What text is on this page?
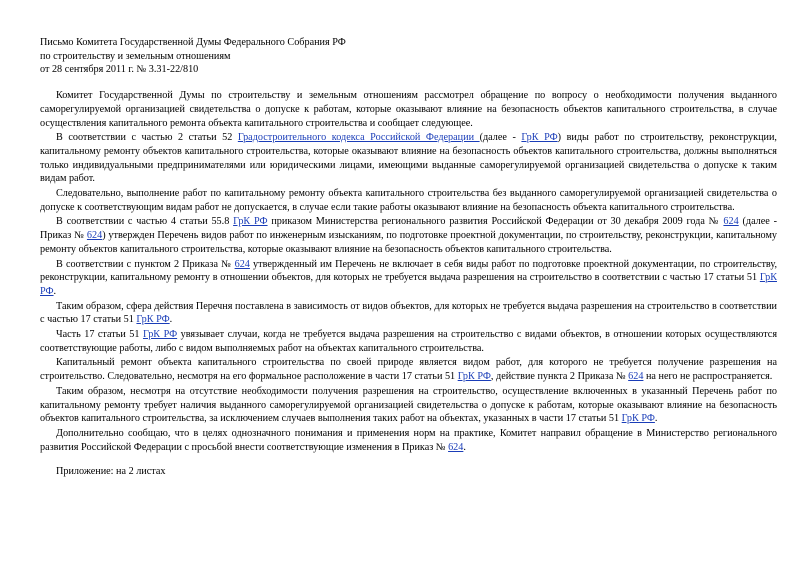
Письмо Комитета Государственной Думы Федерального Собрания РФ
по строительству и земельным отношениям
от 28 сентября 2011 г. № 3.31-22/810

Комитет Государственной Думы по строительству и земельным отношениям рассмотрел обращение по вопросу о необходимости получения выданного саморегулируемой организацией свидетельства о допуске к работам, которые оказывают влияние на безопасность объектов капитального строительства, в случае осуществления капитального ремонта объекта капитального строительства и сообщает следующее.

В соответствии с частью 2 статьи 52 Градостроительного кодекса Российской Федерации (далее - ГрК РФ) виды работ по строительству, реконструкции, капитальному ремонту объектов капитального строительства, которые оказывают влияние на безопасность объектов капитального строительства, должны выполняться только индивидуальными предпринимателями или юридическими лицами, имеющими выданные саморегулируемой организацией свидетельства о допуске к таким видам работ.

Следовательно, выполнение работ по капитальному ремонту объекта капитального строительства без выданного саморегулируемой организацией свидетельства о допуске к соответствующим видам работ не допускается, в случае если такие работы оказывают влияние на безопасность объекта капитального строительства.

В соответствии с частью 4 статьи 55.8 ГрК РФ приказом Министерства регионального развития Российской Федерации от 30 декабря 2009 года № 624 (далее - Приказ № 624) утвержден Перечень видов работ по инженерным изысканиям, по подготовке проектной документации, по строительству, реконструкции, капитальному ремонту объектов капитального строительства, которые оказывают влияние на безопасность объектов капитального строительства.

В соответствии с пунктом 2 Приказа № 624 утвержденный им Перечень не включает в себя виды работ по подготовке проектной документации, по строительству, реконструкции, капитальному ремонту в отношении объектов, для которых не требуется выдача разрешения на строительство в соответствии с частью 17 статьи 51 ГрК РФ.

Таким образом, сфера действия Перечня поставлена в зависимость от видов объектов, для которых не требуется выдача разрешения на строительство в соответствии с частью 17 статьи 51 ГрК РФ.

Часть 17 статьи 51 ГрК РФ увязывает случаи, когда не требуется выдача разрешения на строительство с видами объектов, в отношении которых осуществляются соответствующие работы, либо с видом выполняемых работ на объектах капитального строительства.

Капитальный ремонт объекта капитального строительства по своей природе является видом работ, для которого не требуется получение разрешения на строительство. Следовательно, несмотря на его формальное расположение в части 17 статьи 51 ГрК РФ, действие пункта 2 Приказа № 624 на него не распространяется.

Таким образом, несмотря на отсутствие необходимости получения разрешения на строительство, осуществление включенных в указанный Перечень работ по капитальному ремонту требует наличия выданного саморегулируемой организацией свидетельства о допуске к работам, которые оказывают влияние на безопасность объектов капитального строительства, за исключением случаев выполнения таких работ на объектах, указанных в части 17 статьи 51 ГрК РФ.

Дополнительно сообщаю, что в целях однозначного понимания и применения норм на практике, Комитет направил обращение в Министерство регионального развития Российской Федерации с просьбой внести соответствующие изменения в Приказ № 624.

Приложение: на 2 листах
